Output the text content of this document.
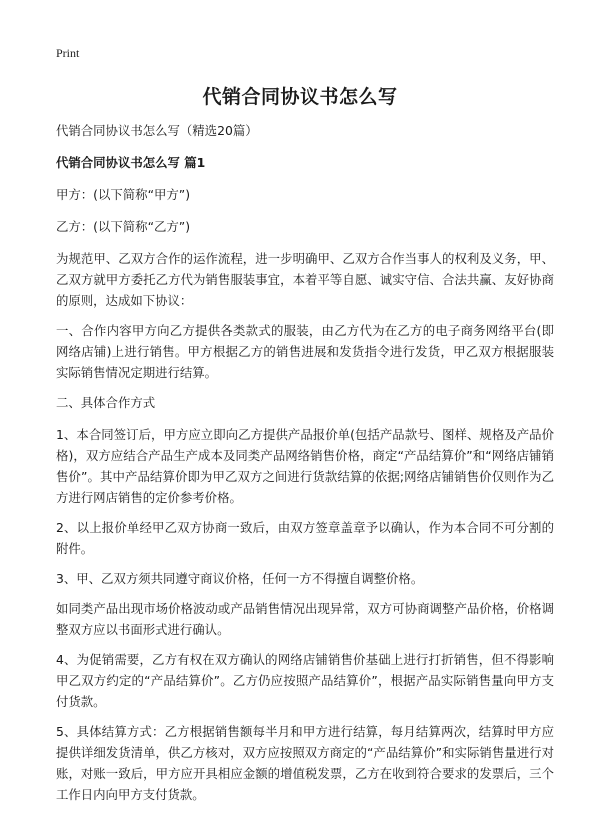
Print
代销合同协议书怎么写

代销合同协议书怎么写（精选20篇）

代销合同协议书怎么写 篇1

甲方：(以下简称“甲方”)

乙方：(以下简称“乙方”)

为规范甲、乙双方合作的运作流程，进一步明确甲、乙双方合作当事人的权利及义务，甲、乙双方就甲方委托乙方代为销售服装事宜，本着平等自愿、诚实守信、合法共赢、友好协商的原则，达成如下协议：

一、合作内容甲方向乙方提供各类款式的服装，由乙方代为在乙方的电子商务网络平台(即网络店铺)上进行销售。甲方根据乙方的销售进展和发货指令进行发货，甲乙双方根据服装实际销售情况定期进行结算。

二、具体合作方式

1、本合同签订后，甲方应立即向乙方提供产品报价单(包括产品款号、图样、规格及产品价格)，双方应结合产品生产成本及同类产品网络销售价格，商定“产品结算价”和“网络店铺销售价”。其中产品结算价即为甲乙双方之间进行货款结算的依据;网络店铺销售价仅则作为乙方进行网店销售的定价参考价格。

2、以上报价单经甲乙双方协商一致后，由双方签章盖章予以确认，作为本合同不可分割的附件。

3、甲、乙双方须共同遵守商议价格，任何一方不得擅自调整价格。

如同类产品出现市场价格波动或产品销售情况出现异常，双方可协商调整产品价格，价格调整双方应以书面形式进行确认。

4、为促销需要，乙方有权在双方确认的网络店铺销售价基础上进行打折销售，但不得影响甲乙双方约定的“产品结算价”。乙方仍应按照产品结算价”，根据产品实际销售量向甲方支付货款。

5、具体结算方式：乙方根据销售额每半月和甲方进行结算，每月结算两次，结算时甲方应提供详细发货清单，供乙方核对，双方应按照双方商定的“产品结算价”和实际销售量进行对账，对账一致后，甲方应开具相应金额的增值税发票，乙方在收到符合要求的发票后，三个工作日内向甲方支付货款。
